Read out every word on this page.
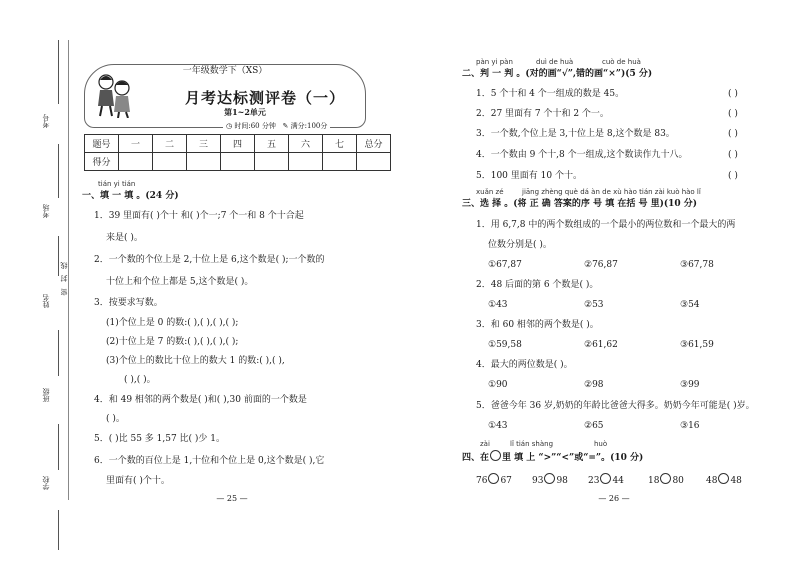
考号
考场
姓名
班级
学校
密 封 线
一年级数学下（XS）
月考达标测评卷（一）
第1~2单元
◷ 时间:60 分钟 ✎ 满分:100分
题号	一	二	三	四	五	六	七	总分
得分								
tián yi tián
一、填 一 填 。(24 分)
1．39 里面有( )个十 和( )个一;7 个一和 8 个十合起
来是( )。
2．一个数的个位上是 2,十位上是 6,这个数是( );一个数的
十位上和个位上都是 5,这个数是( )。
3．按要求写数。
(1)个位上是 0 的数:( ),( ),( ),( );
(2)十位上是 7 的数:( ),( ),( ),( );
(3)个位上的数比十位上的数大 1 的数:( ),( ),
( ),( )。
4．和 49 相邻的两个数是( )和( ),30 前面的一个数是
( )。
5．( )比 55 多 1,57 比( )少 1。
6．一个数的百位上是 1,十位和个位上是 0,这个数是( ),它
里面有( )个十。
— 25 —
pàn yi pàn	duì de huà	cuò de huà
二、判 一 判 。(对的画“√”,错的画“×”)(5 分)
1．5 个十和 4 个一组成的数是 45。	( )
2．27 里面有 7 个十和 2 个一。	( )
3．一个数,个位上是 3,十位上是 8,这个数是 83。	( )
4．一个数由 9 个十,8 个一组成,这个数读作九十八。	( )
5．100 里面有 10 个十。	( )
xuǎn zé	jiāng zhèng què dá àn de xù hào tián zài kuò hào lǐ
三、选 择 。(将 正 确 答案的序 号 填 在括 号 里)(10 分)
1．用 6,7,8 中的两个数组成的一个最小的两位数和一个最大的两
位数分别是( )。
①67,87	②76,87	③67,78
2．48 后面的第 6 个数是( )。
①43	②53	③54
3．和 60 相邻的两个数是( )。
①59,58	②61,62	③61,59
4．最大的两位数是( )。
①90	②98	③99
5．爸爸今年 36 岁,奶奶的年龄比爸爸大得多。奶奶今年可能是( )岁。
①43	②65	③16
zài	lǐ tián shàng	huò
四、在 里 填 上 “>”“<”或“=”。(10 分)
76 67 93 98 23 44	18 80 48 48
— 26 —
